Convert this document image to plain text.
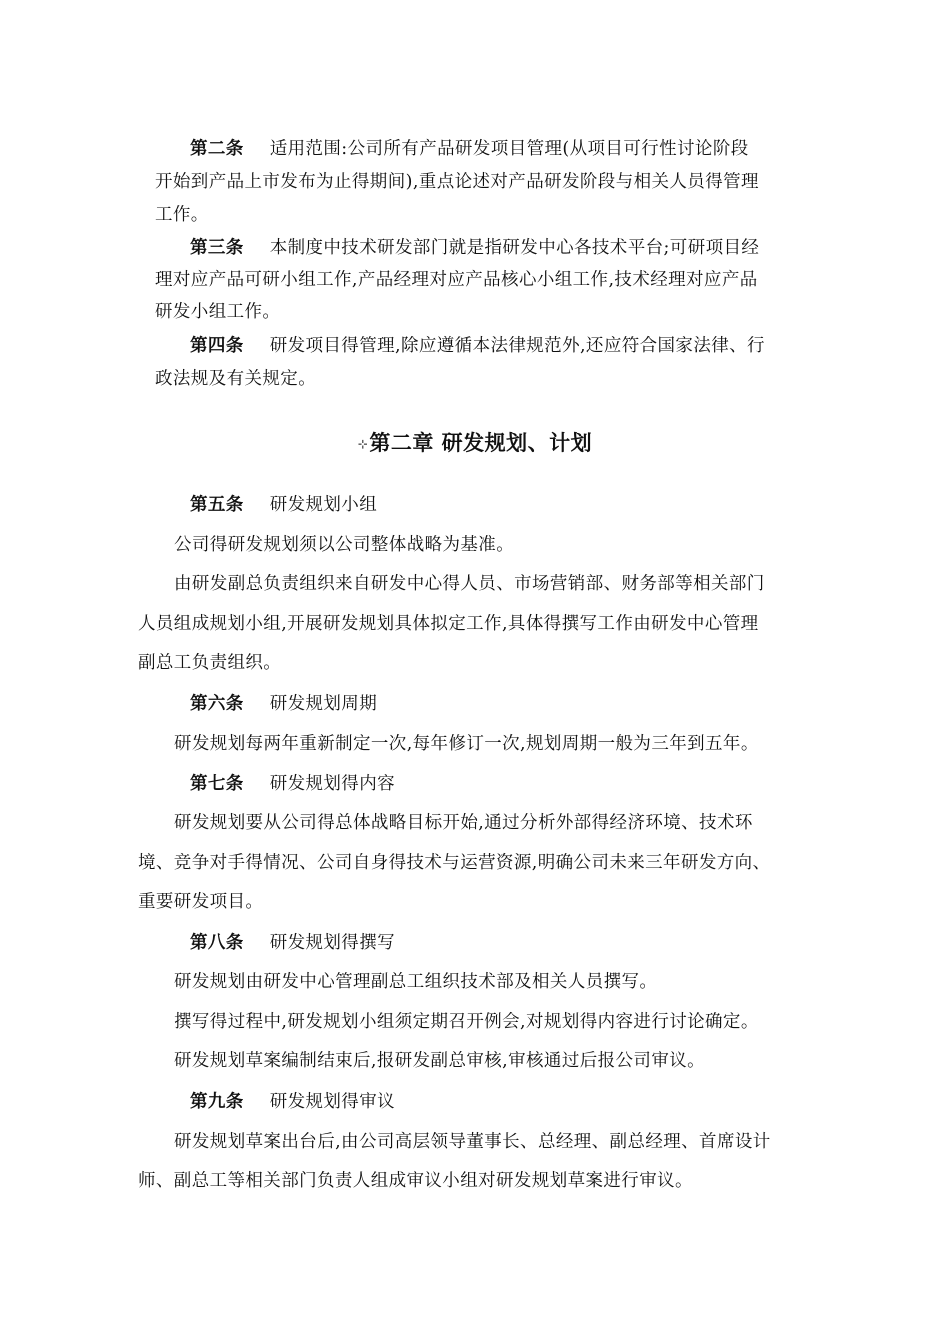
第二条 适用范围:公司所有产品研发项目管理(从项目可行性讨论阶段
开始到产品上市发布为止得期间),重点论述对产品研发阶段与相关人员得管理
工作。
第三条 本制度中技术研发部门就是指研发中心各技术平台;可研项目经
理对应产品可研小组工作,产品经理对应产品核心小组工作,技术经理对应产品
研发小组工作。
第四条 研发项目得管理,除应遵循本法律规范外,还应符合国家法律、行
政法规及有关规定。
⊹第二章 研发规划、计划
第五条 研发规划小组
公司得研发规划须以公司整体战略为基准。
由研发副总负责组织来自研发中心得人员、市场营销部、财务部等相关部门
人员组成规划小组,开展研发规划具体拟定工作,具体得撰写工作由研发中心管理
副总工负责组织。
第六条 研发规划周期
研发规划每两年重新制定一次,每年修订一次,规划周期一般为三年到五年。
第七条 研发规划得内容
研发规划要从公司得总体战略目标开始,通过分析外部得经济环境、技术环
境、竞争对手得情况、公司自身得技术与运营资源,明确公司未来三年研发方向、
重要研发项目。
第八条 研发规划得撰写
研发规划由研发中心管理副总工组织技术部及相关人员撰写。
撰写得过程中,研发规划小组须定期召开例会,对规划得内容进行讨论确定。
研发规划草案编制结束后,报研发副总审核,审核通过后报公司审议。
第九条 研发规划得审议
研发规划草案出台后,由公司高层领导董事长、总经理、副总经理、首席设计
师、副总工等相关部门负责人组成审议小组对研发规划草案进行审议。
